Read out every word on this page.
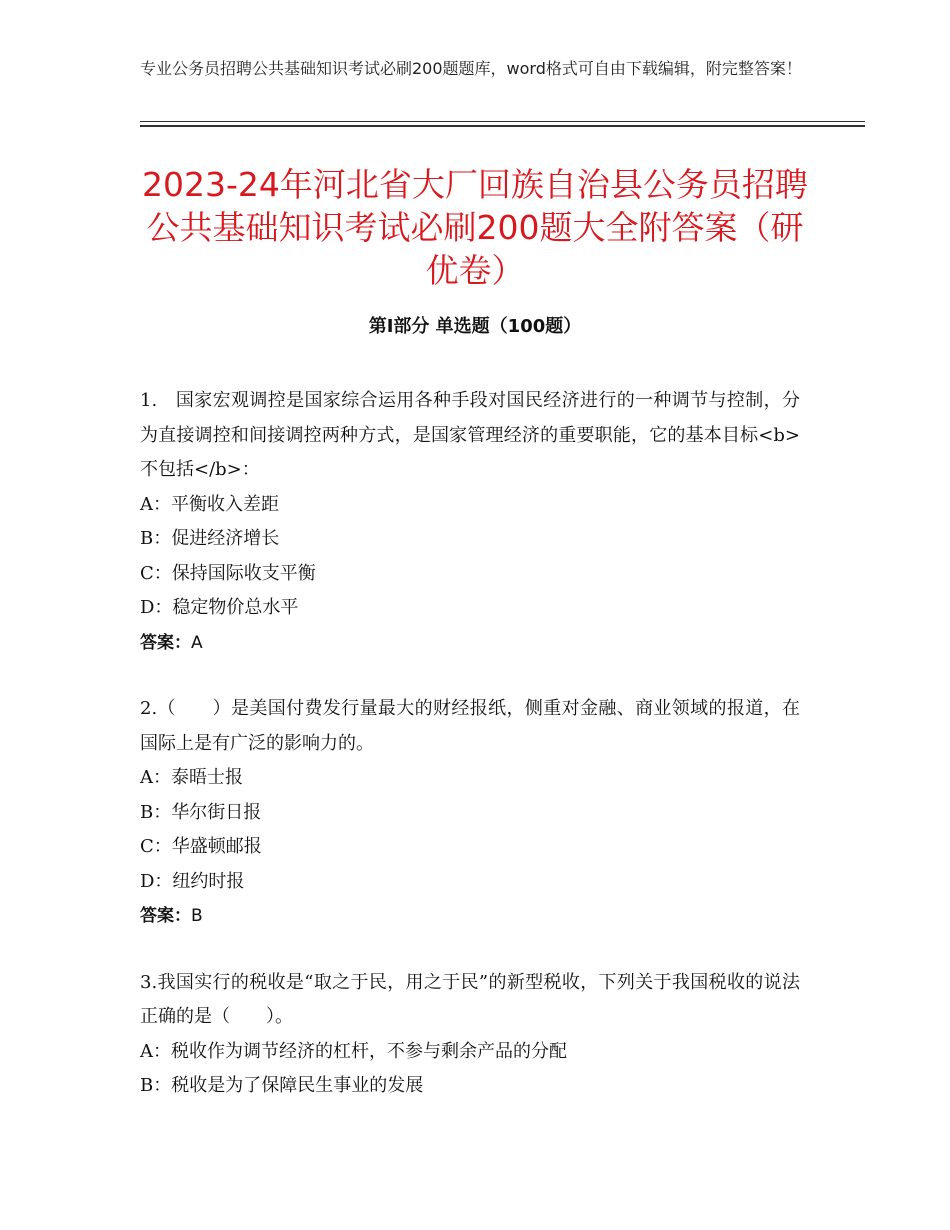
专业公务员招聘公共基础知识考试必刷200题题库，word格式可自由下载编辑，附完整答案！

2023-24年河北省大厂回族自治县公务员招聘公共基础知识考试必刷200题大全附答案（研优卷）
第Ⅰ部分 单选题（100题）

1.　国家宏观调控是国家综合运用各种手段对国民经济进行的一种调节与控制，分为直接调控和间接调控两种方式，是国家管理经济的重要职能，它的基本目标<b>不包括</b>：

A：平衡收入差距

B：促进经济增长

C：保持国际收支平衡

D：稳定物价总水平

答案：A

2.（　　）是美国付费发行量最大的财经报纸，侧重对金融、商业领域的报道，在国际上是有广泛的影响力的。

A：泰晤士报

B：华尔街日报

C：华盛顿邮报

D：纽约时报

答案：B

3.我国实行的税收是“取之于民，用之于民”的新型税收，下列关于我国税收的说法正确的是（　　）。

A：税收作为调节经济的杠杆，不参与剩余产品的分配

B：税收是为了保障民生事业的发展
